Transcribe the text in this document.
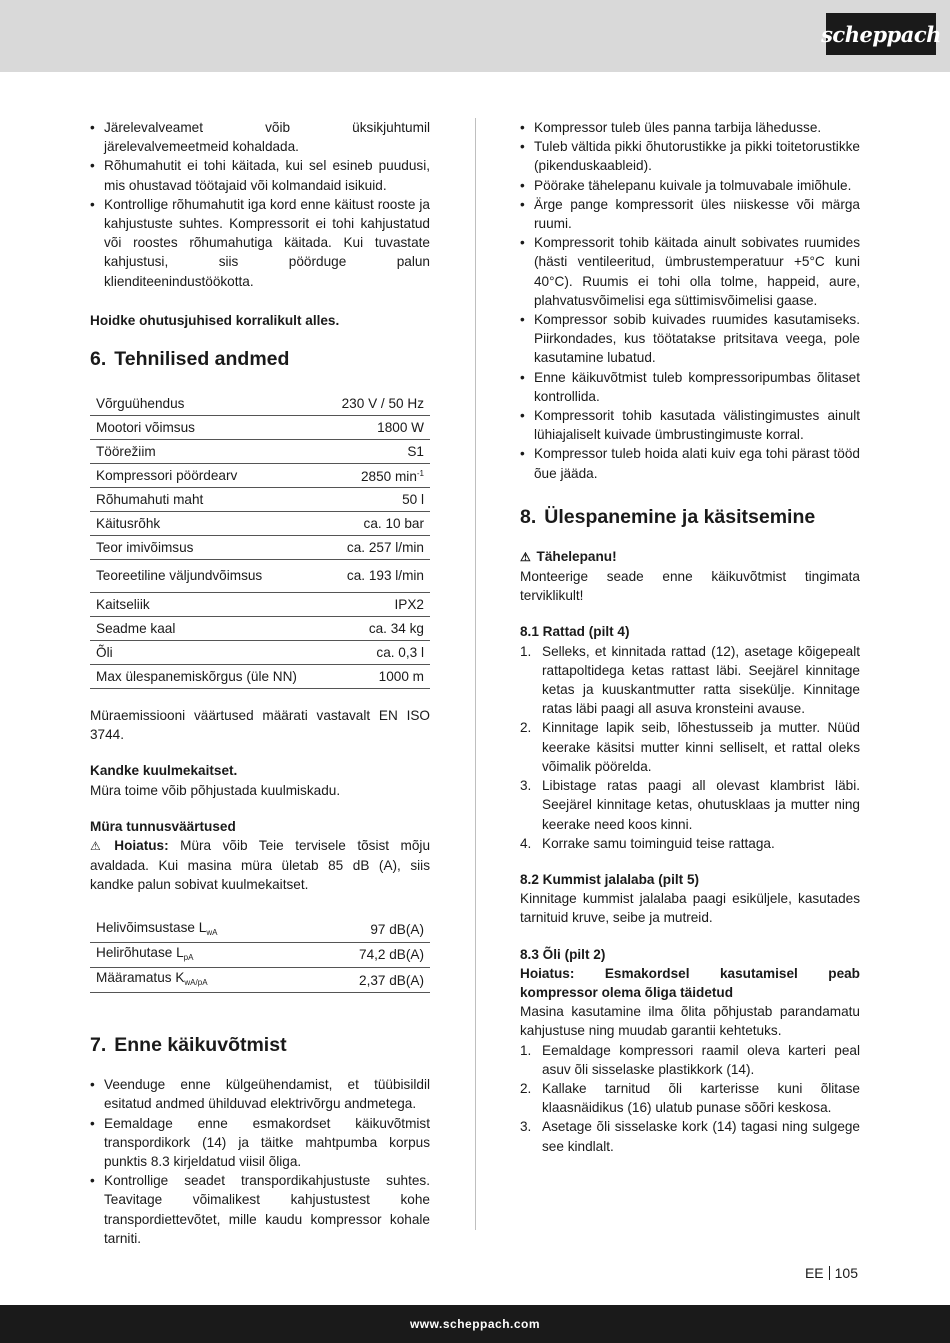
scheppach
• Järelevalveamet võib üksikjuhtumil järelevalvemeetmeid kohaldada.
• Rõhumahutit ei tohi käitada, kui sel esineb puudusi, mis ohustavad töötajaid või kolmandaid isikuid.
• Kontrollige rõhumahutit iga kord enne käitust rooste ja kahjustuste suhtes. Kompressorit ei tohi kahjustatud või roostes rõhumahutiga käitada. Kui tuvastate kahjustusi, siis pöörduge palun klienditeenindustöökotta.

Hoidke ohutusjuhised korralikult alles.

6. Tehnilised andmed
Võrguühendus	230 V / 50 Hz
Mootori võimsus	1800 W
Töörežiim	S1
Kompressori pöördearv	2850 $\min^{-1}$
Rõhumahuti maht	50 l
Käitusrõhk	ca. 10 bar
Teor imivõimsus	ca. 257 l/min
Teoreetiline väljundvõimsus	ca. 193 l/min
Kaitseliik	IPX2
Seadme kaal	ca. 34 kg
Õli	ca. 0,3 l
Max ülespanemiskõrgus (üle NN)	1000 m

Müraemissiooni väärtused määrati vastavalt EN ISO 3744.

Kandke kuulmekaitset.

Müra toime võib põhjustada kuulmiskadu.

Müra tunnusväärtused

⚠ Hoiatus: Müra võib Teie tervisele tõsist mõju avaldada. Kui masina müra ületab 85 dB (A), siis kandke palun sobivat kuulmekaitset.

Helivõimsustase $L_{wA}$	97 dB(A)
Helirõhutase $L_{pA}$	74,2 dB(A)
Määramatus $K_{wA/pA}$	2,37 dB(A)
7. Enne käikuvõtmist
• Veenduge enne külgeühendamist, et tüübisildil esitatud andmed ühilduvad elektrivõrgu andmetega.
• Eemaldage enne esmakordset käikuvõtmist transpordikork (14) ja täitke mahtpumba korpus punktis 8.3 kirjeldatud viisil õliga.
• Kontrollige seadet transpordikahjustuste suhtes. Teavitage võimalikest kahjustustest kohe transpordiettevõtet, mille kaudu kompressor kohale tarniti.
• Kompressor tuleb üles panna tarbija lähedusse.
• Tuleb vältida pikki õhutorustikke ja pikki toitetorustikke (pikenduskaableid).
• Pöörake tähelepanu kuivale ja tolmuvabale imiõhule.
• Ärge pange kompressorit üles niiskesse või märga ruumi.
• Kompressorit tohib käitada ainult sobivates ruumides (hästi ventileeritud, ümbrustemperatuur +5°C kuni 40°C). Ruumis ei tohi olla tolme, happeid, aure, plahvatusvõimelisi ega süttimisvõimelisi gaase.
• Kompressor sobib kuivades ruumides kasutamiseks. Piirkondades, kus töötatakse pritsitava veega, pole kasutamine lubatud.
• Enne käikuvõtmist tuleb kompressoripumbas õlitaset kontrollida.
• Kompressorit tohib kasutada välistingimustes ainult lühiajaliselt kuivade ümbrustingimuste korral.
• Kompressor tuleb hoida alati kuiv ega tohi pärast tööd õue jääda.
8. Ülespanemine ja käsitsemine

⚠ Tähelepanu!

Monteerige seade enne käikuvõtmist tingimata terviklikult!

8.1 Rattad (pilt 4)

1. Selleks, et kinnitada rattad (12), asetage kõigepealt rattapoltidega ketas rattast läbi. Seejärel kinnitage ketas ja kuuskantmutter ratta sisekülje. Kinnitage ratas läbi paagi all asuva kronsteini avause.
2. Kinnitage lapik seib, lõhestusseib ja mutter. Nüüd keerake käsitsi mutter kinni selliselt, et rattal oleks võimalik pöörelda.
3. Libistage ratas paagi all olevast klambrist läbi. Seejärel kinnitage ketas, ohutusklaas ja mutter ning keerake need koos kinni.
4. Korrake samu toiminguid teise rattaga.

8.2 Kummist jalalaba (pilt 5)

Kinnitage kummist jalalaba paagi esiküljele, kasutades tarnituid kruve, seibe ja mutreid.

8.3 Õli (pilt 2)

Hoiatus: Esmakordsel kasutamisel peab kompressor olema õliga täidetud

Masina kasutamine ilma õlita põhjustab parandamatu kahjustuse ning muudab garantii kehtetuks.

1. Eemaldage kompressori raamil oleva karteri peal asuv õli sisselaske plastikkork (14).
2. Kallake tarnitud õli karterisse kuni õlitase klaasnäidikus (16) ulatub punase sõõri keskosa.
3. Asetage õli sisselaske kork (14) tagasi ning sulgege see kindlalt.
EE 105
www.scheppach.com
